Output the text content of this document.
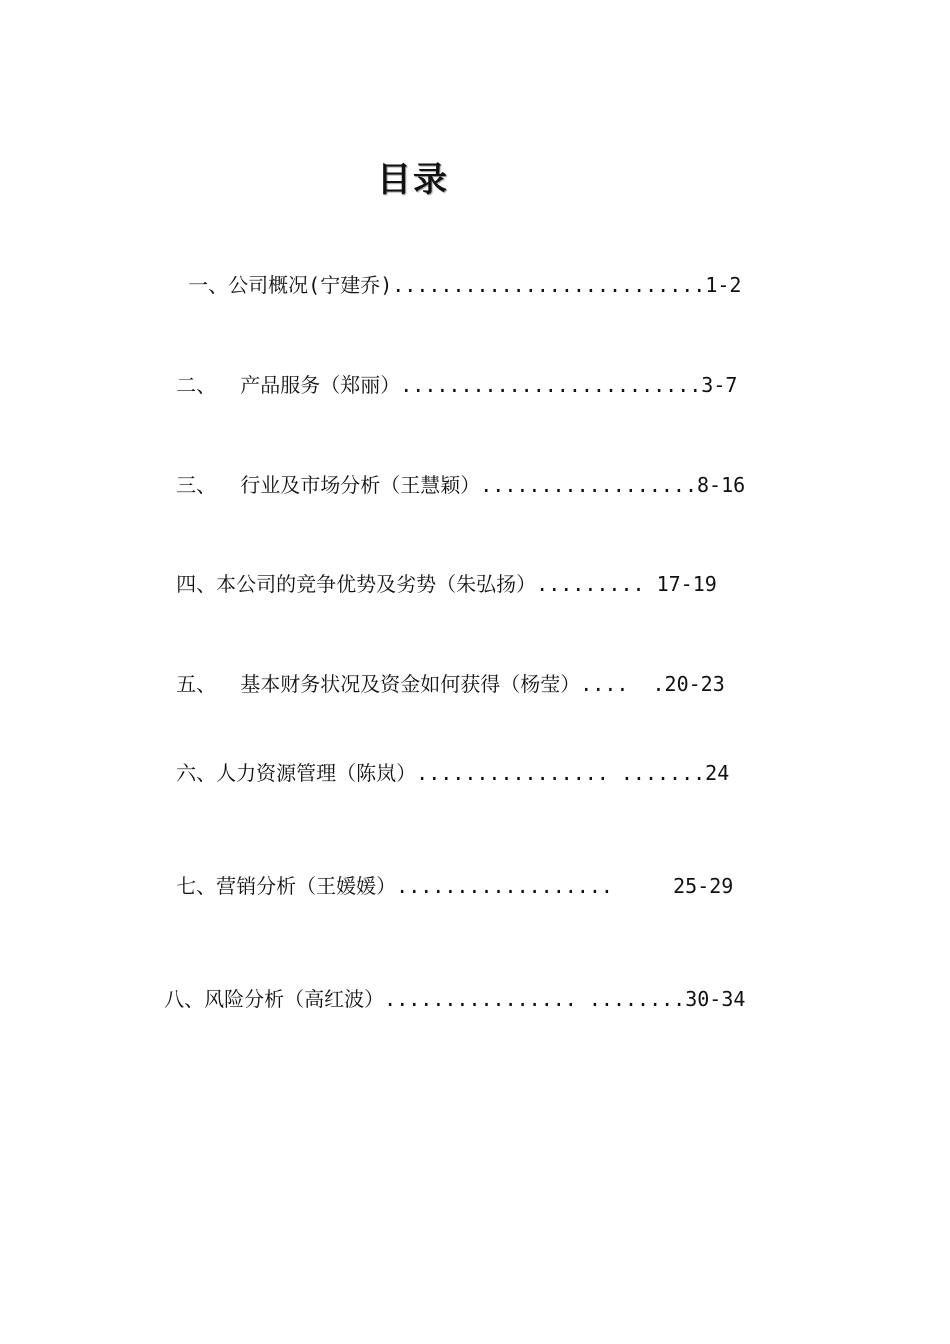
目录

一、公司概况(宁建乔)..........................1-2

二、  产品服务（郑丽）.........................3-7

三、  行业及市场分析（王慧颖）..................8-16

四、本公司的竞争优势及劣势（朱弘扬）......... 17-19

五、  基本财务状况及资金如何获得（杨莹）....  .20-23

六、人力资源管理（陈岚）................ .......24

七、营销分析（王媛媛）..................     25-29

八、风险分析（高红波）................ ........30-34
